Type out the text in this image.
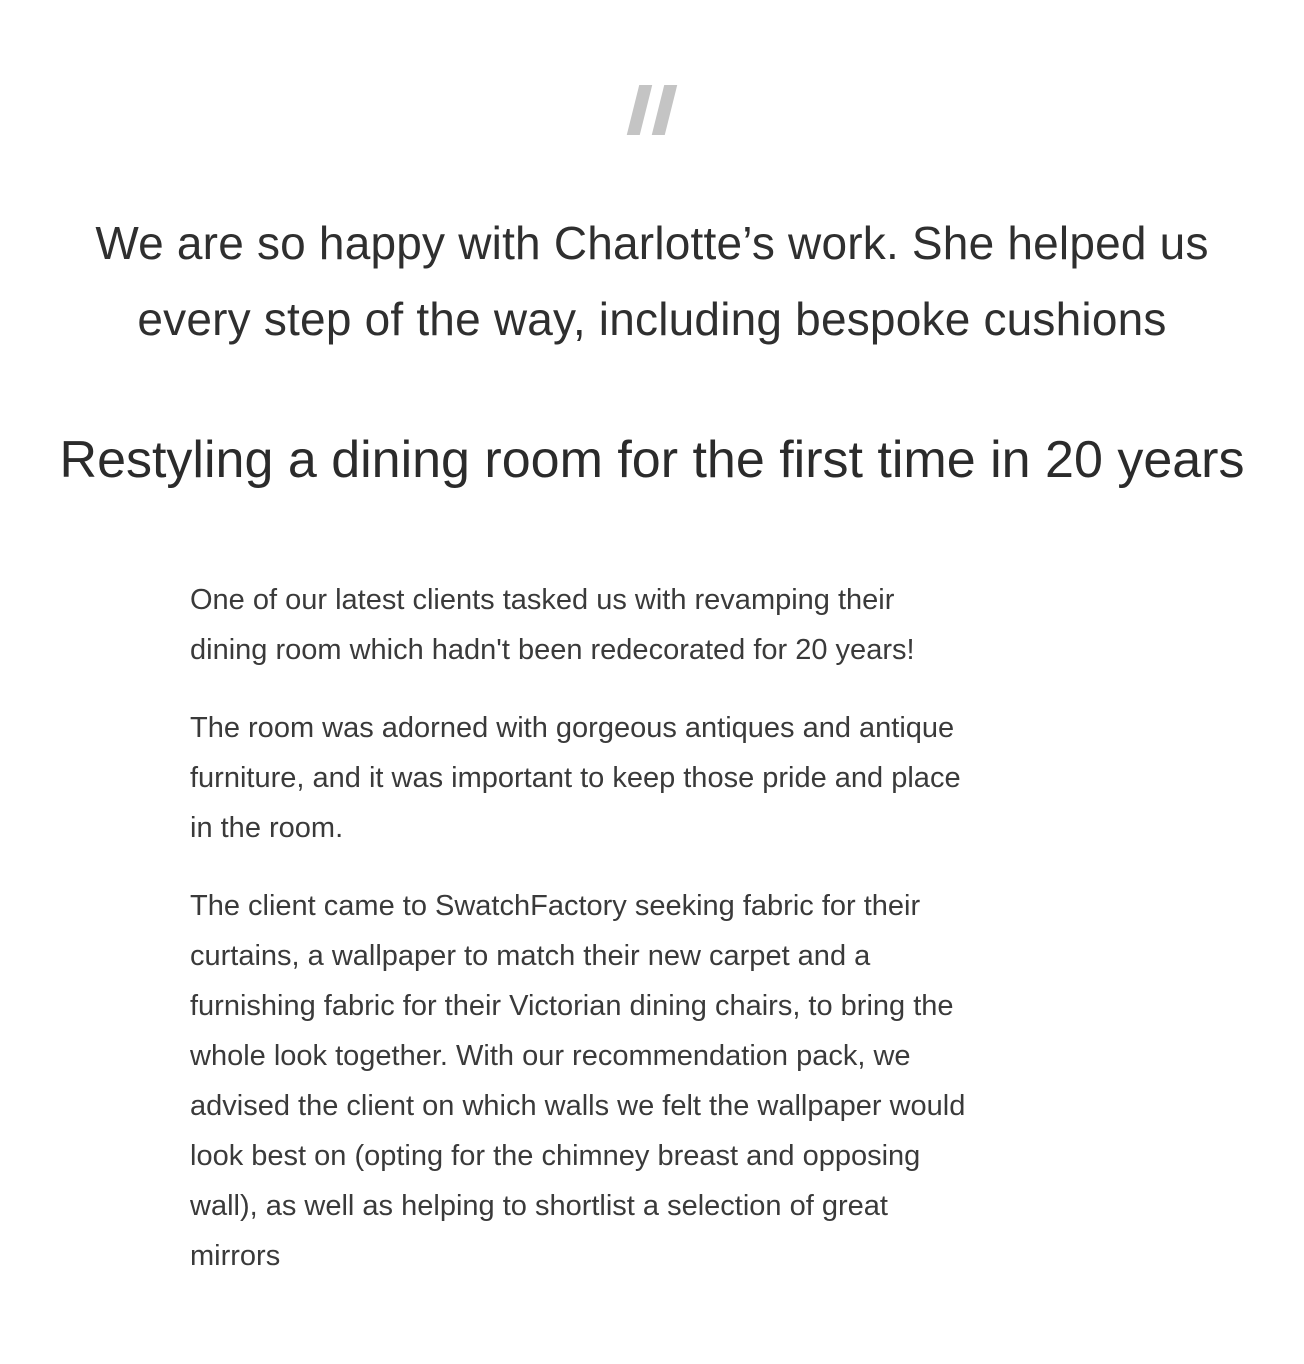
We are so happy with Charlotte’s work. She helped us
every step of the way, including bespoke cushions
Restyling a dining room for the first time in 20 years

One of our latest clients tasked us with revamping their
dining room which hadn't been redecorated for 20 years!

The room was adorned with gorgeous antiques and antique
furniture, and it was important to keep those pride and place
in the room.

The client came to SwatchFactory seeking fabric for their
curtains, a wallpaper to match their new carpet and a
furnishing fabric for their Victorian dining chairs, to bring the
whole look together. With our recommendation pack, we
advised the client on which walls we felt the wallpaper would
look best on (opting for the chimney breast and opposing
wall), as well as helping to shortlist a selection of great
mirrors
